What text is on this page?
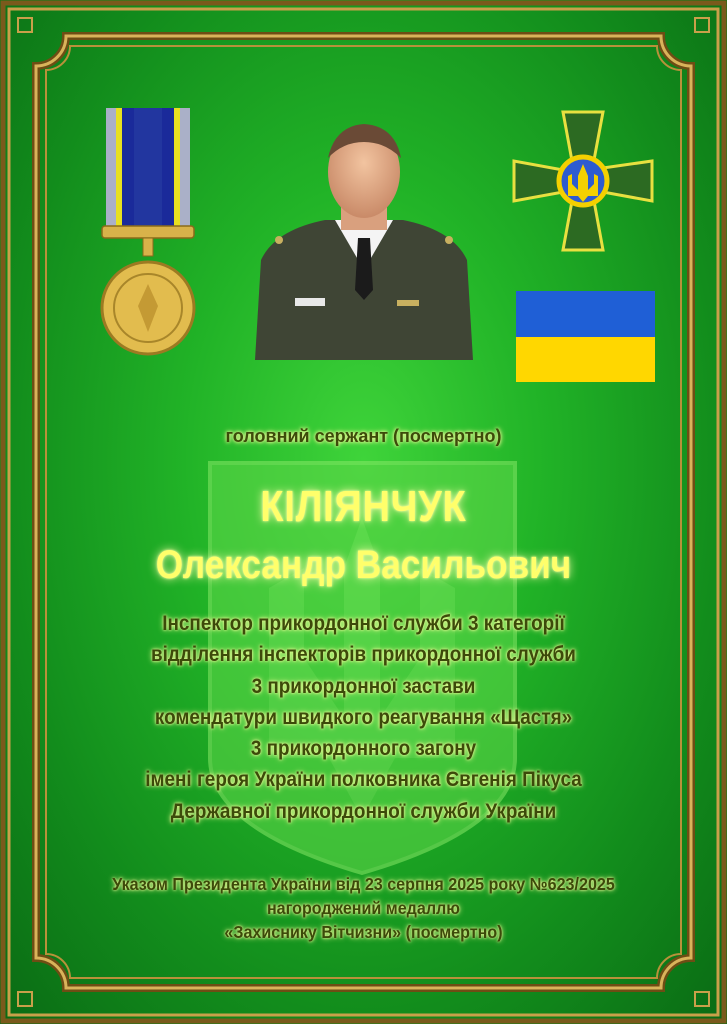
головний сержант (посмертно)
КІЛІЯНЧУК
Олександр Васильович
Інспектор прикордонної служби 3 категорії
відділення інспекторів прикордонної служби
3 прикордонної застави
комендатури швидкого реагування «Щастя»
3 прикордонного загону
імені героя України полковника Євгенія Пікуса
Державної прикордонної служби України
Указом Президента України від 23 серпня 2025 року №623/2025
нагороджений медаллю
«Захиснику Вітчизни» (посмертно)
